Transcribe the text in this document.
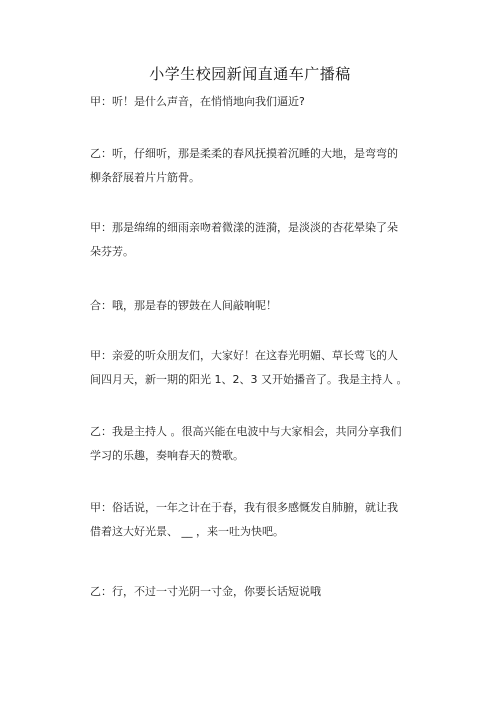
小学生校园新闻直通车广播稿

甲：听！是什么声音，在悄悄地向我们逼近?

乙：听，仔细听，那是柔柔的春风抚摸着沉睡的大地，是弯弯的
柳条舒展着片片筋骨。

甲：那是绵绵的细雨亲吻着微漾的涟漪，是淡淡的杏花晕染了朵
朵芬芳。

合：哦，那是春的锣鼓在人间敲响呢！

甲：亲爱的听众朋友们，大家好！在这春光明媚、草长莺飞的人
间四月天，新一期的阳光 1、2、3 又开始播音了。我是主持人 。

乙：我是主持人 。很高兴能在电波中与大家相会，共同分享我们
学习的乐趣，奏响春天的赞歌。

甲：俗话说，一年之计在于春，我有很多感慨发自肺腑，就让我
借着这大好光景、 __ ，来一吐为快吧。

乙：行，不过一寸光阴一寸金，你要长话短说哦
